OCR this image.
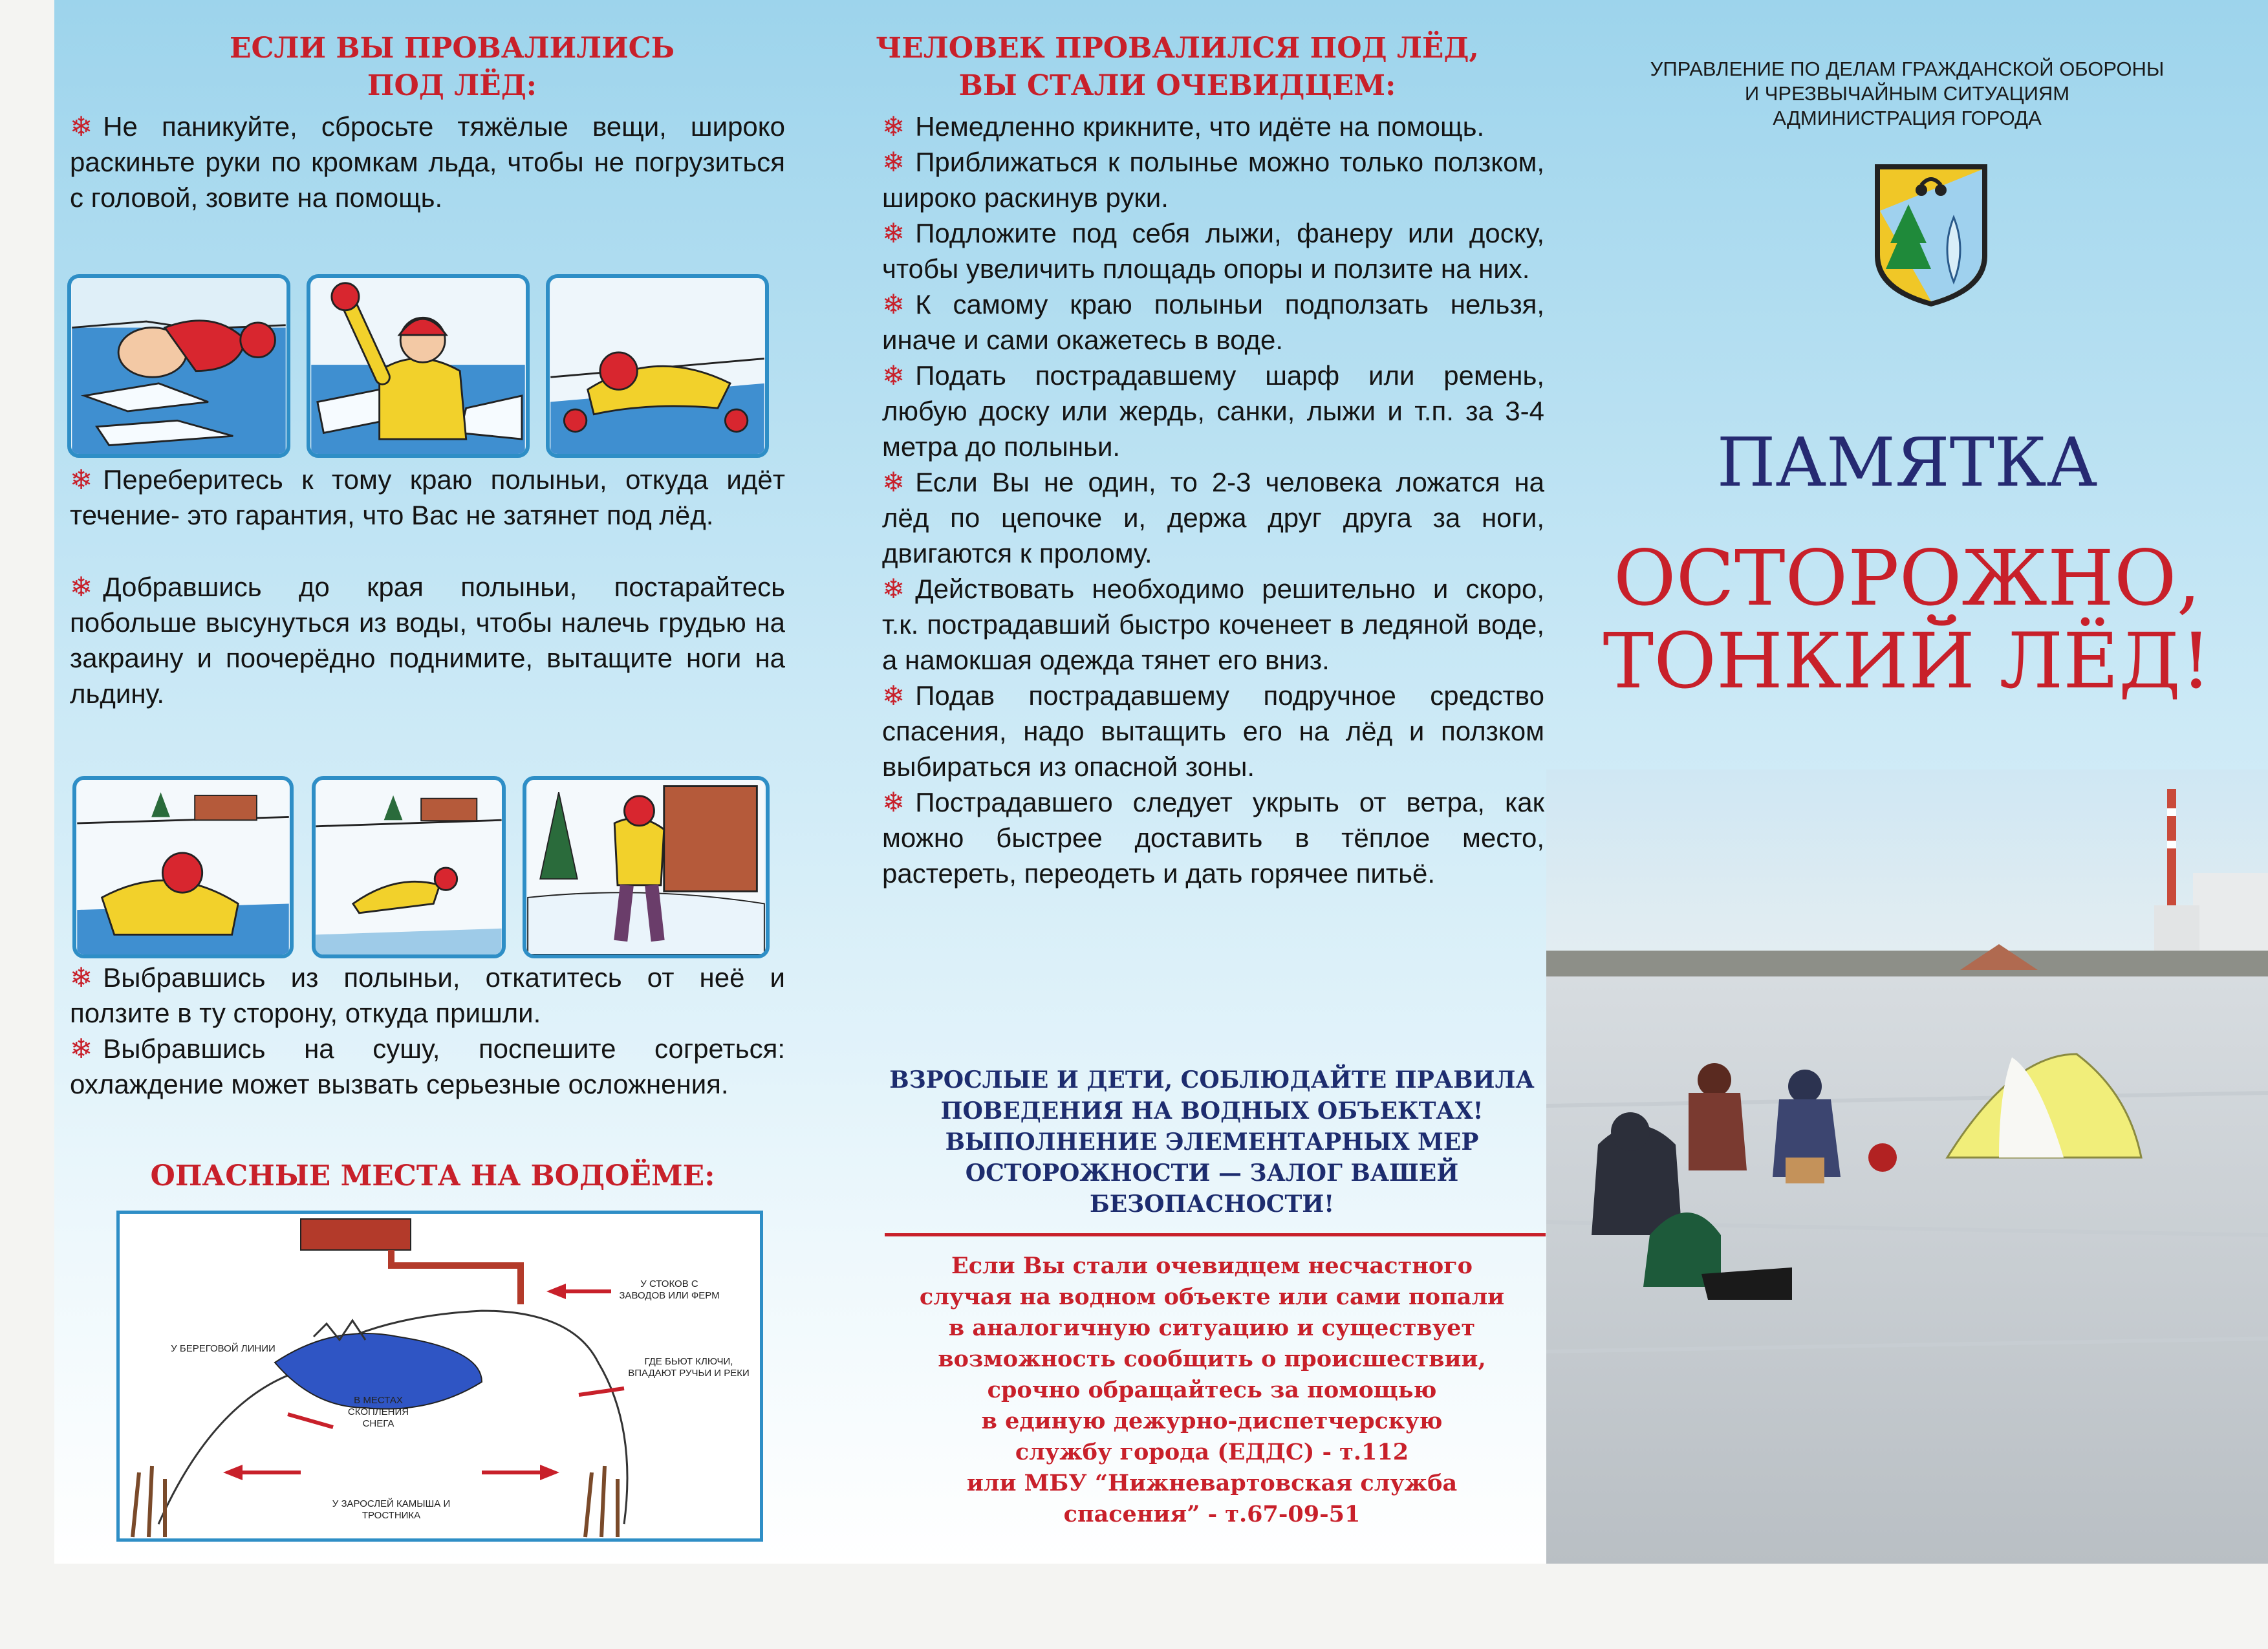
ЕСЛИ ВЫ ПРОВАЛИЛИСЬ
ПОД ЛЁД:
❄ Не паникуйте, сбросьте тяжёлые вещи, широко раскиньте руки по кромкам льда, чтобы не погрузиться с головой, зовите на помощь.
❄ Переберитесь к тому краю полыньи, откуда идёт течение- это гарантия, что Вас не затянет под лёд.
❄ Добравшись до края полыньи, постарайтесь побольше высунуться из воды, чтобы налечь грудью на закраину и поочерёдно поднимите, вытащите ноги на льдину.
❄ Выбравшись из полыньи, откатитесь от неё и ползите в ту сторону, откуда пришли.
❄ Выбравшись на сушу, поспешите согреться: охлаждение может вызвать серьезные осложнения.
ОПАСНЫЕ МЕСТА НА ВОДОЁМЕ:
У СТОКОВ С ЗАВОДОВ ИЛИ ФЕРМ
У БЕРЕГОВОЙ ЛИНИИ
ГДЕ БЬЮТ КЛЮЧИ, ВПАДАЮТ РУЧЬИ И РЕКИ
В МЕСТАХ СКОПЛЕНИЯ СНЕГА
У ЗАРОСЛЕЙ КАМЫША И ТРОСТНИКА
ЧЕЛОВЕК ПРОВАЛИЛСЯ ПОД ЛЁД,
ВЫ СТАЛИ ОЧЕВИДЦЕМ:
❄ Немедленно крикните, что идёте на помощь.
❄ Приближаться к полынье можно только ползком, широко раскинув руки.
❄ Подложите под себя лыжи, фанеру или доску, чтобы увеличить площадь опоры и ползите на них.
❄ К самому краю полыньи подползать нельзя, иначе и сами окажетесь в воде.
❄ Подать пострадавшему шарф или ремень, любую доску или жердь, санки, лыжи и т.п. за 3-4 метра до полыньи.
❄ Если Вы не один, то 2-3 человека ложатся на лёд по цепочке и, держа друг друга за ноги, двигаются к пролому.
❄ Действовать необходимо решительно и скоро, т.к. пострадавший быстро коченеет в ледяной воде, а намокшая одежда тянет его вниз.
❄ Подав пострадавшему подручное средство спасения, надо вытащить его на лёд и ползком выбираться из опасной зоны.
❄ Пострадавшего следует укрыть от ветра, как можно быстрее доставить в тёплое место, растереть, переодеть и дать горячее питьё.
ВЗРОСЛЫЕ И ДЕТИ, СОБЛЮДАЙТЕ ПРАВИЛА
ПОВЕДЕНИЯ НА ВОДНЫХ ОБЪЕКТАХ!
ВЫПОЛНЕНИЕ ЭЛЕМЕНТАРНЫХ МЕР
ОСТОРОЖНОСТИ — ЗАЛОГ ВАШЕЙ
БЕЗОПАСНОСТИ!
Если Вы стали очевидцем несчастного
случая на водном объекте или сами попали
в аналогичную ситуацию и существует
возможность сообщить о происшествии,
срочно обращайтесь за помощью
в единую дежурно-диспетчерскую
службу города (ЕДДС) - т.112
или МБУ “Нижневартовская служба
спасения” - т.67-09-51
УПРАВЛЕНИЕ ПО ДЕЛАМ ГРАЖДАНСКОЙ ОБОРОНЫ
И ЧРЕЗВЫЧАЙНЫМ СИТУАЦИЯМ
АДМИНИСТРАЦИЯ ГОРОДА
ПАМЯТКА
ОСТОРОЖНО,
ТОНКИЙ ЛЁД!
